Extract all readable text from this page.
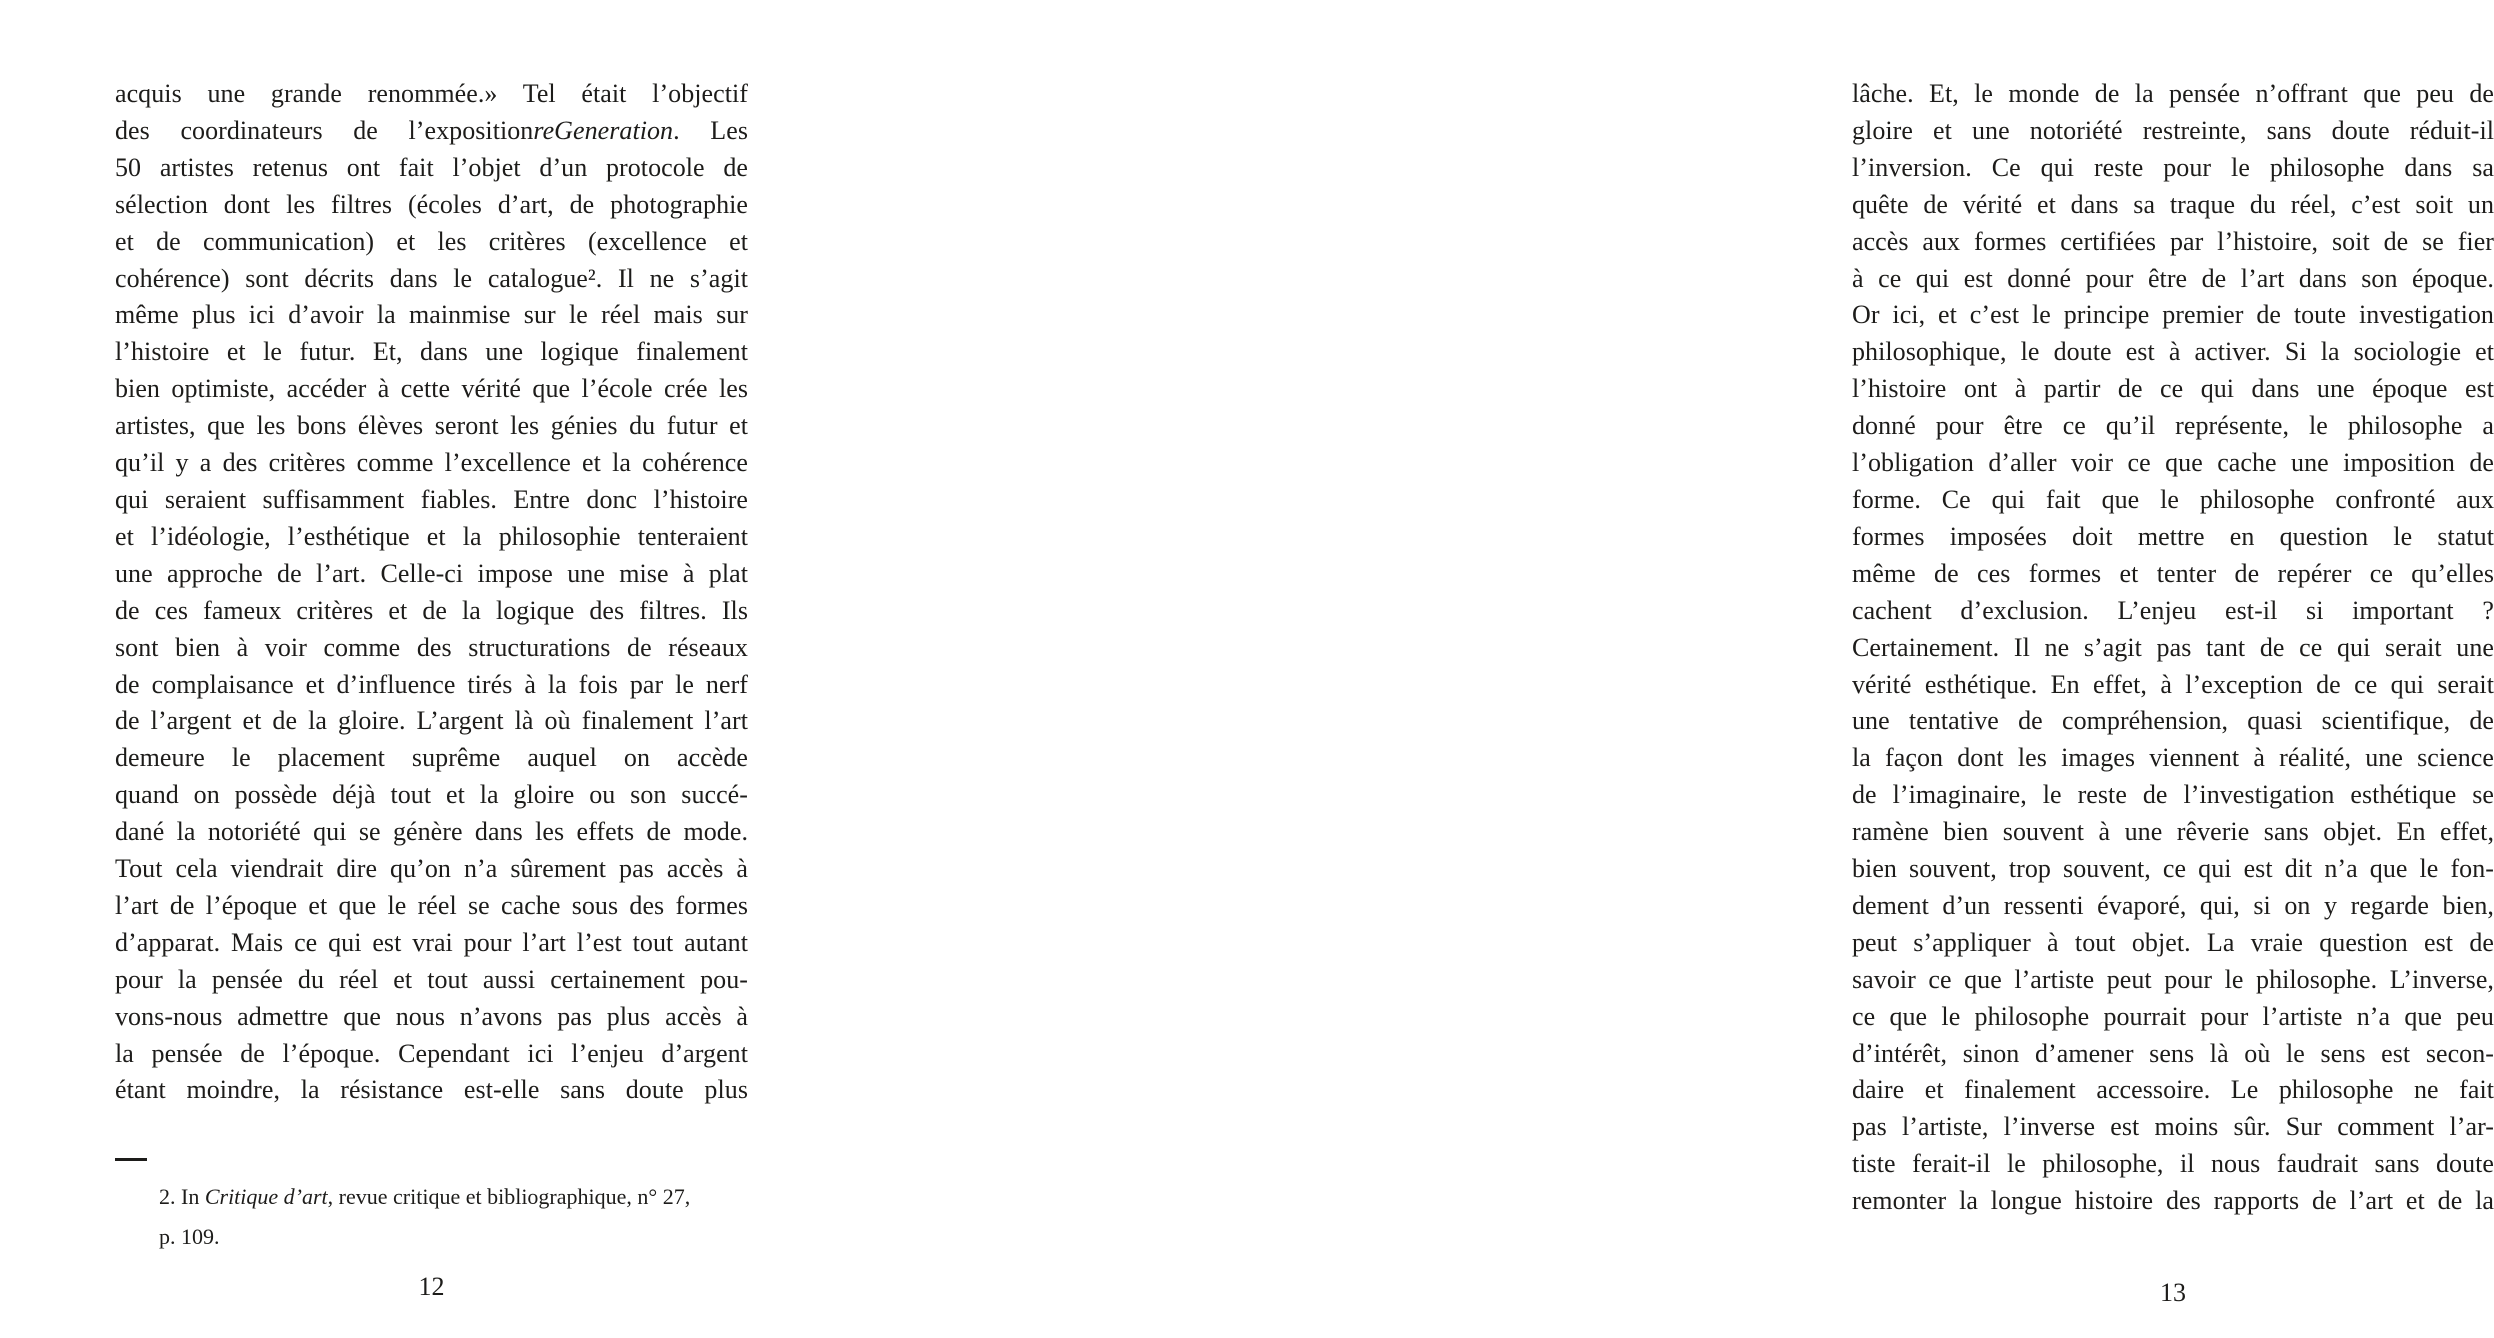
acquis une grande renommée.» Tel était l’objectif
des coordinateurs de l’expositionreGeneration. Les
50 artistes retenus ont fait l’objet d’un protocole de
sélection dont les filtres (écoles d’art, de photographie
et de communication) et les critères (excellence et
cohérence) sont décrits dans le catalogue². Il ne s’agit
même plus ici d’avoir la mainmise sur le réel mais sur
l’histoire et le futur. Et, dans une logique finalement
bien optimiste, accéder à cette vérité que l’école crée les
artistes, que les bons élèves seront les génies du futur et
qu’il y a des critères comme l’excellence et la cohérence
qui seraient suffisamment fiables. Entre donc l’histoire
et l’idéologie, l’esthétique et la philosophie tenteraient
une approche de l’art. Celle-ci impose une mise à plat
de ces fameux critères et de la logique des filtres. Ils
sont bien à voir comme des structurations de réseaux
de complaisance et d’influence tirés à la fois par le nerf
de l’argent et de la gloire. L’argent là où finalement l’art
demeure le placement suprême auquel on accède
quand on possède déjà tout et la gloire ou son succé-
dané la notoriété qui se génère dans les effets de mode.
Tout cela viendrait dire qu’on n’a sûrement pas accès à
l’art de l’époque et que le réel se cache sous des formes
d’apparat. Mais ce qui est vrai pour l’art l’est tout autant
pour la pensée du réel et tout aussi certainement pou-
vons-nous admettre que nous n’avons pas plus accès à
la pensée de l’époque. Cependant ici l’enjeu d’argent
étant moindre, la résistance est-elle sans doute plus
2. In Critique d’art, revue critique et bibliographique, n° 27,
p. 109.
12
lâche. Et, le monde de la pensée n’offrant que peu de
gloire et une notoriété restreinte, sans doute réduit-il
l’inversion. Ce qui reste pour le philosophe dans sa
quête de vérité et dans sa traque du réel, c’est soit un
accès aux formes certifiées par l’histoire, soit de se fier
à ce qui est donné pour être de l’art dans son époque.
Or ici, et c’est le principe premier de toute investigation
philosophique, le doute est à activer. Si la sociologie et
l’histoire ont à partir de ce qui dans une époque est
donné pour être ce qu’il représente, le philosophe a
l’obligation d’aller voir ce que cache une imposition de
forme. Ce qui fait que le philosophe confronté aux
formes imposées doit mettre en question le statut
même de ces formes et tenter de repérer ce qu’elles
cachent d’exclusion. L’enjeu est-il si important ?
Certainement. Il ne s’agit pas tant de ce qui serait une
vérité esthétique. En effet, à l’exception de ce qui serait
une tentative de compréhension, quasi scientifique, de
la façon dont les images viennent à réalité, une science
de l’imaginaire, le reste de l’investigation esthétique se
ramène bien souvent à une rêverie sans objet. En effet,
bien souvent, trop souvent, ce qui est dit n’a que le fon-
dement d’un ressenti évaporé, qui, si on y regarde bien,
peut s’appliquer à tout objet. La vraie question est de
savoir ce que l’artiste peut pour le philosophe. L’inverse,
ce que le philosophe pourrait pour l’artiste n’a que peu
d’intérêt, sinon d’amener sens là où le sens est secon-
daire et finalement accessoire. Le philosophe ne fait
pas l’artiste, l’inverse est moins sûr. Sur comment l’ar-
tiste ferait-il le philosophe, il nous faudrait sans doute
remonter la longue histoire des rapports de l’art et de la
13
